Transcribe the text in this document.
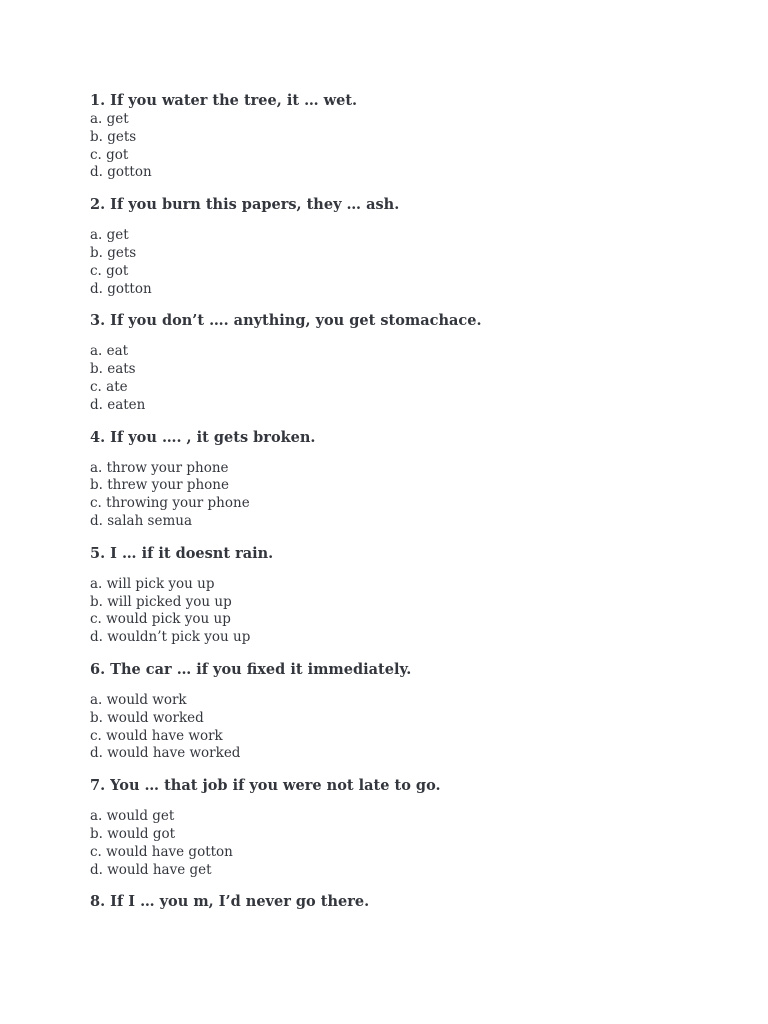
1. If you water the tree, it … wet.

a. get
b. gets
c. got
d. gotton

2. If you burn this papers, they … ash.

a. get
b. gets
c. got
d. gotton

3. If you don’t …. anything, you get stomachace.

a. eat
b. eats
c. ate
d. eaten

4. If you …. , it gets broken.

a. throw your phone
b. threw your phone
c. throwing your phone
d. salah semua

5. I … if it doesnt rain.

a. will pick you up
b. will picked you up
c. would pick you up
d. wouldn’t pick you up

6. The car … if you fixed it immediately.

a. would work
b. would worked
c. would have work
d. would have worked

7. You … that job if you were not late to go.

a. would get
b. would got
c. would have gotton
d. would have get

8. If I … you m, I’d never go there.
